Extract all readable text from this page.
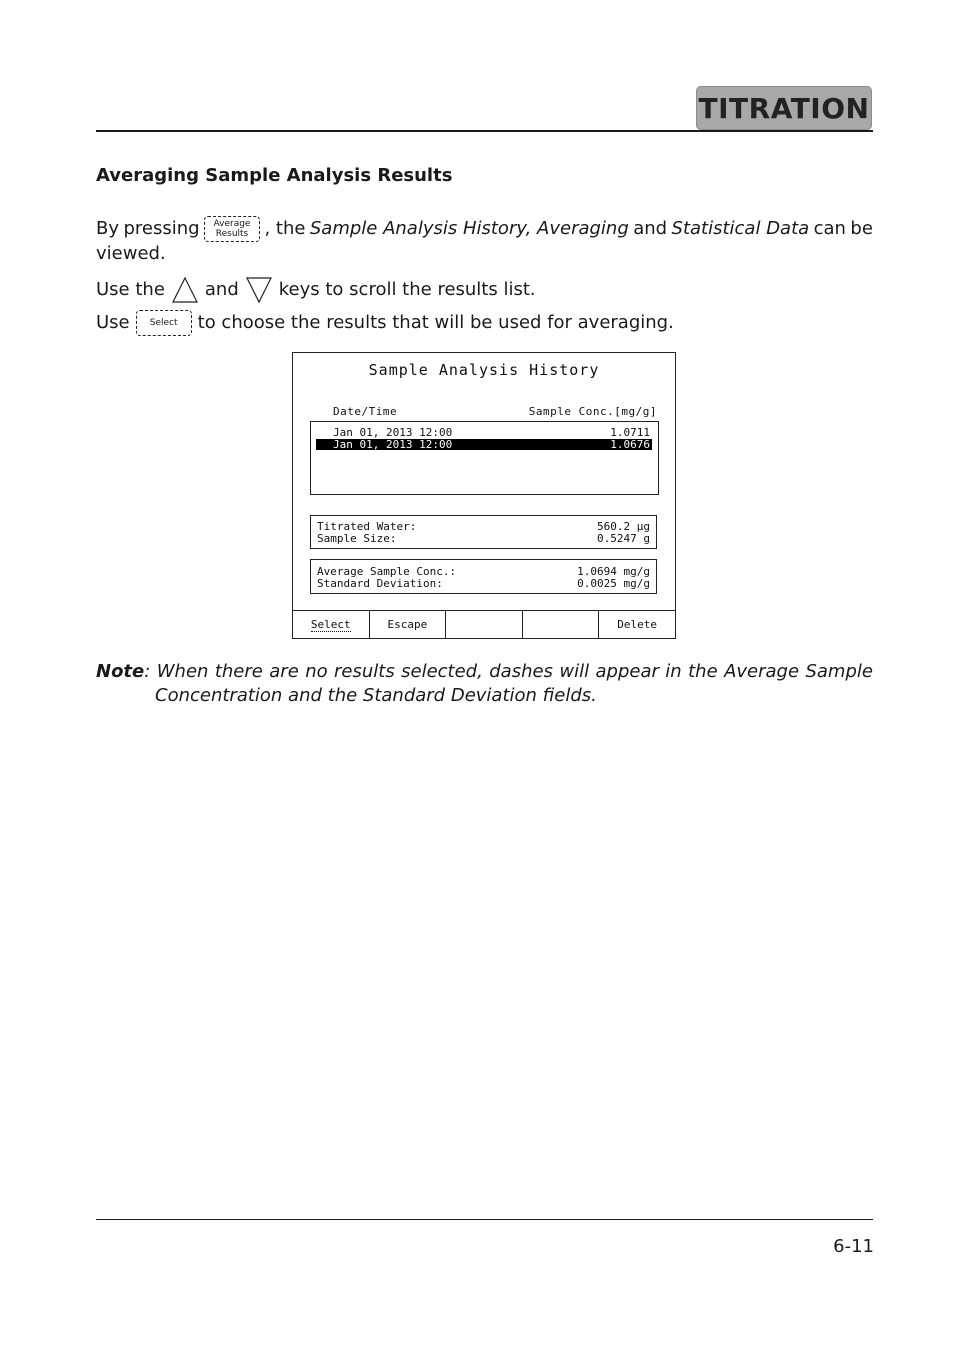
TITRATION
Averaging Sample Analysis Results
By pressing Average
Results , the Sample Analysis History, Averaging and Statistical Data can be
viewed.
Use the and keys to scroll the results list.
Use Select to choose the results that will be used for averaging.
Sample Analysis History
Date/Time	Sample Conc.[mg/g]
Jan 01, 2013 12:00	1.0711
Jan 01, 2013 12:00	1.0676
Titrated Water:	560.2 µg
Sample Size:	0.5247 g
Average Sample Conc.:	1.0694 mg/g
Standard Deviation:	0.0025 mg/g
Select	Escape	Delete
Note: When there are no results selected, dashes will appear in the Average Sample
Concentration and the Standard Deviation fields.
6-11
